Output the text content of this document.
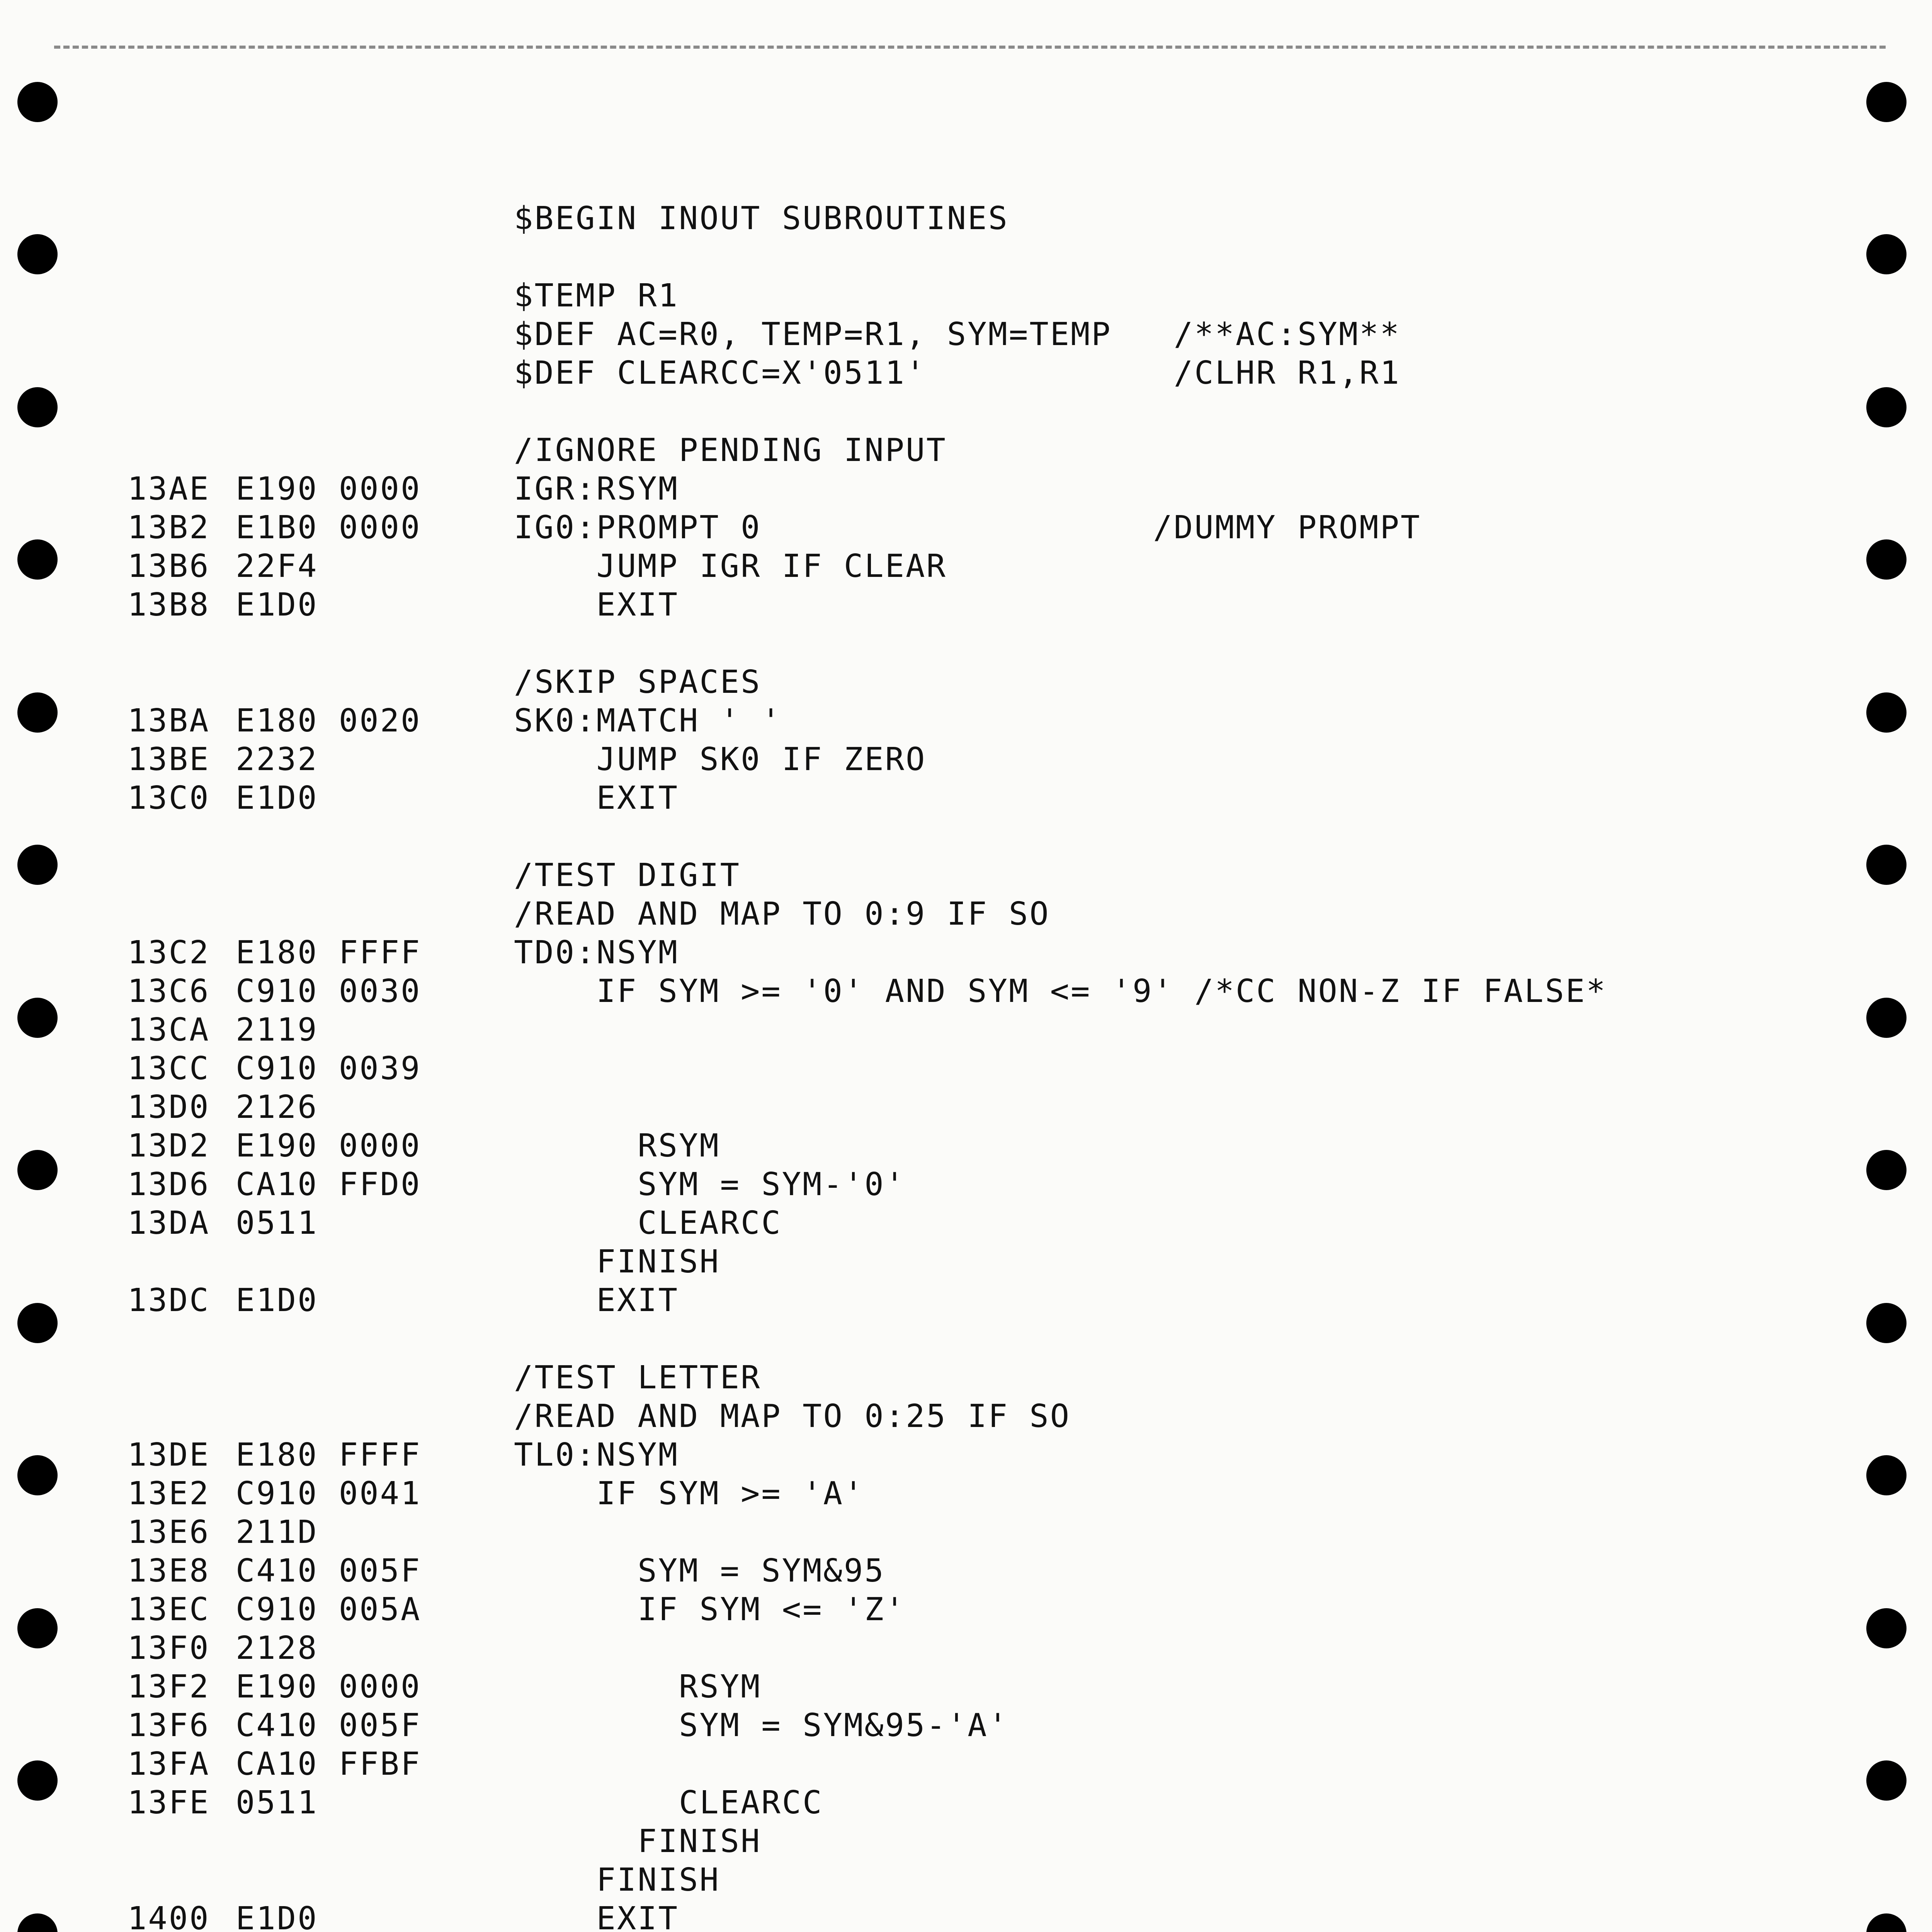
$BEGIN INOUT SUBROUTINES
$TEMP R1
$DEF AC=R0, TEMP=R1, SYM=TEMP   /**AC:SYM**
$DEF CLEARCC=X'0511'            /CLHR R1,R1
/IGNORE PENDING INPUT
13AE E190 0000	IGR:RSYM
13B2 E1B0 0000	IG0:PROMPT 0                   /DUMMY PROMPT
13B6 22F4	JUMP IGR IF CLEAR
13B8 E1D0	EXIT
/SKIP SPACES
13BA E180 0020	SK0:MATCH ' '
13BE 2232	JUMP SK0 IF ZERO
13C0 E1D0	EXIT
/TEST DIGIT
/READ AND MAP TO 0:9 IF SO
13C2 E180 FFFF	TD0:NSYM
13C6 C910 0030	IF SYM >= '0' AND SYM <= '9' /*CC NON-Z IF FALSE*
13CA 2119
13CC C910 0039
13D0 2126
13D2 E190 0000	RSYM
13D6 CA10 FFD0	SYM = SYM-'0'
13DA 0511	CLEARCC
FINISH
13DC E1D0	EXIT
/TEST LETTER
/READ AND MAP TO 0:25 IF SO
13DE E180 FFFF	TL0:NSYM
13E2 C910 0041	IF SYM >= 'A'
13E6 211D
13E8 C410 005F	SYM = SYM&95
13EC C910 005A	IF SYM <= 'Z'
13F0 2128
13F2 E190 0000	RSYM
13F6 C410 005F	SYM = SYM&95-'A'
13FA CA10 FFBF
13FE 0511	CLEARCC
FINISH
FINISH
1400 E1D0	EXIT
